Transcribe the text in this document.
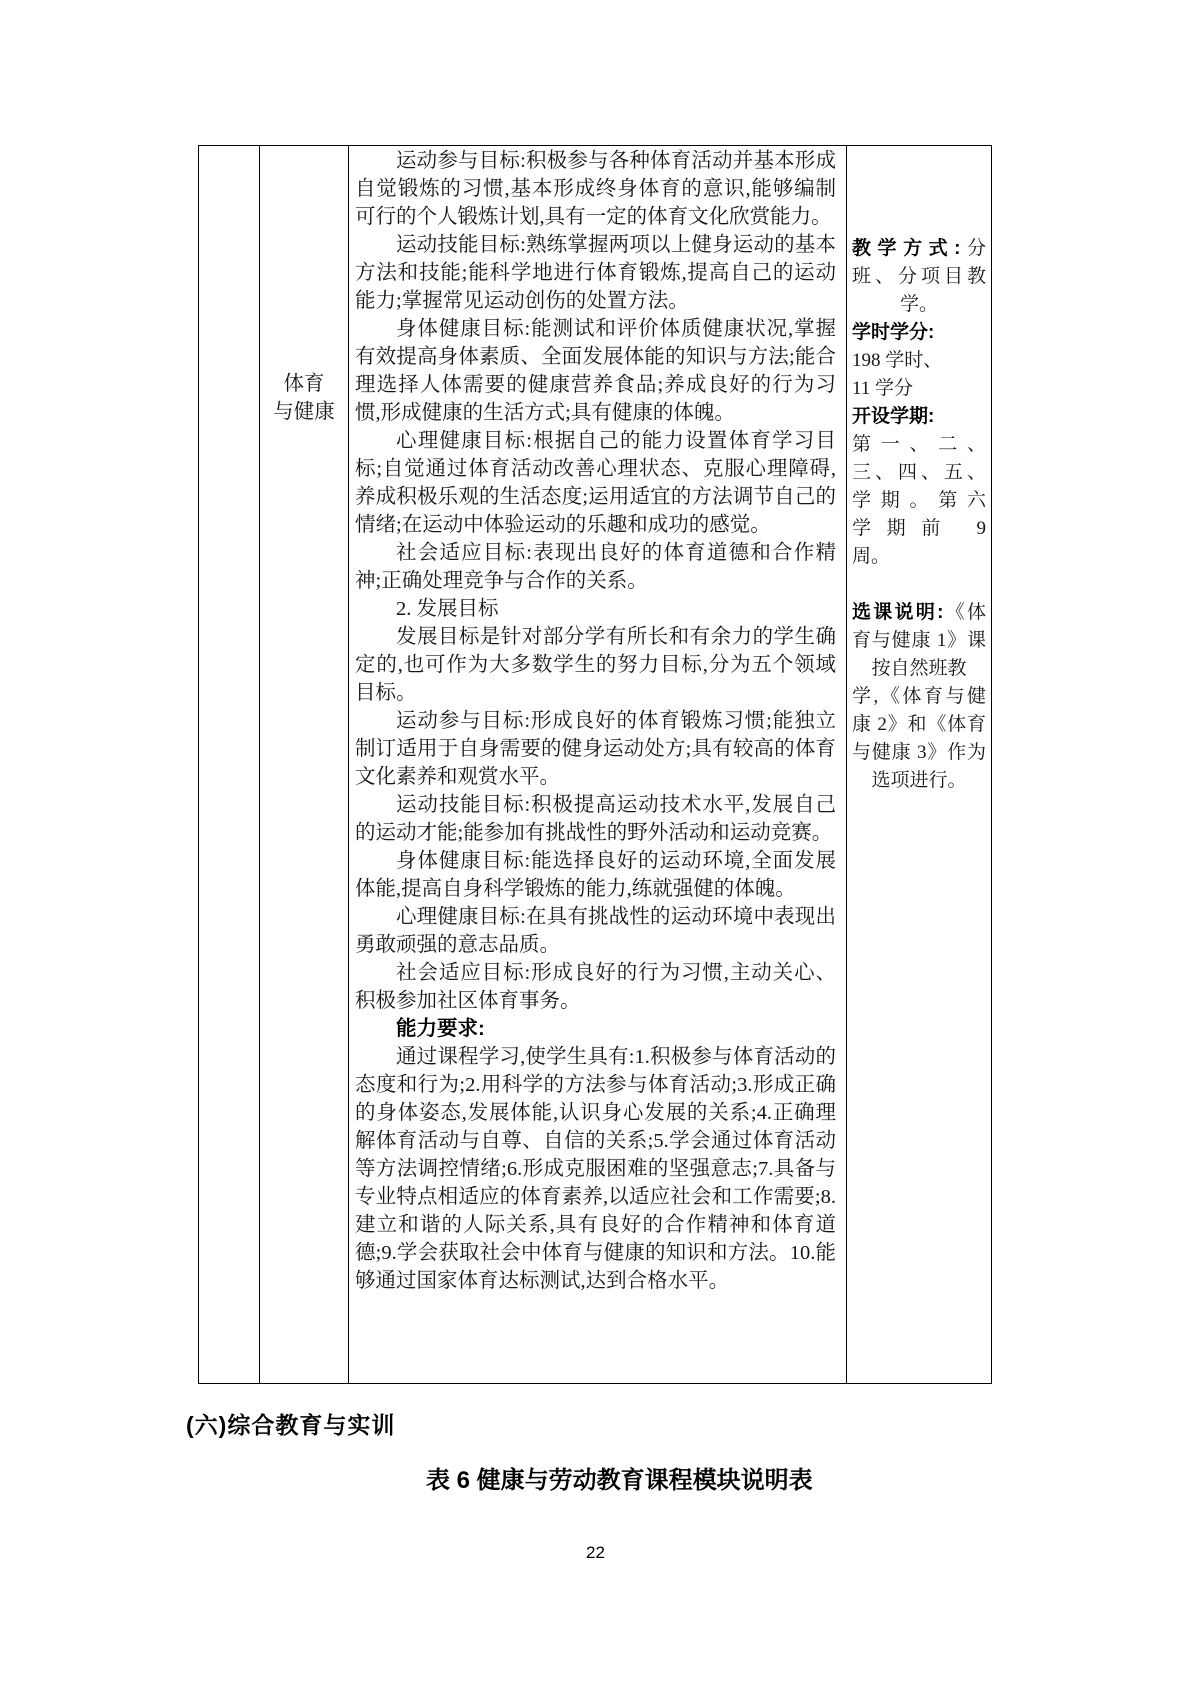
体育
与健康

运动参与目标:积极参与各种体育活动并基本形成自觉锻炼的习惯,基本形成终身体育的意识,能够编制可行的个人锻炼计划,具有一定的体育文化欣赏能力。

运动技能目标:熟练掌握两项以上健身运动的基本方法和技能;能科学地进行体育锻炼,提高自己的运动能力;掌握常见运动创伤的处置方法。

身体健康目标:能测试和评价体质健康状况,掌握有效提高身体素质、全面发展体能的知识与方法;能合理选择人体需要的健康营养食品;养成良好的行为习惯,形成健康的生活方式;具有健康的体魄。

心理健康目标:根据自己的能力设置体育学习目标;自觉通过体育活动改善心理状态、克服心理障碍,养成积极乐观的生活态度;运用适宜的方法调节自己的情绪;在运动中体验运动的乐趣和成功的感觉。

社会适应目标:表现出良好的体育道德和合作精神;正确处理竞争与合作的关系。

2. 发展目标

发展目标是针对部分学有所长和有余力的学生确定的,也可作为大多数学生的努力目标,分为五个领域目标。

运动参与目标:形成良好的体育锻炼习惯;能独立制订适用于自身需要的健身运动处方;具有较高的体育文化素养和观赏水平。

运动技能目标:积极提高运动技术水平,发展自己的运动才能;能参加有挑战性的野外活动和运动竞赛。

身体健康目标:能选择良好的运动环境,全面发展体能,提高自身科学锻炼的能力,练就强健的体魄。

心理健康目标:在具有挑战性的运动环境中表现出勇敢顽强的意志品质。

社会适应目标:形成良好的行为习惯,主动关心、积极参加社区体育事务。

能力要求:

通过课程学习,使学生具有:1.积极参与体育活动的态度和行为;2.用科学的方法参与体育活动;3.形成正确的身体姿态,发展体能,认识身心发展的关系;4.正确理解体育活动与自尊、自信的关系;5.学会通过体育活动等方法调控情绪;6.形成克服困难的坚强意志;7.具备与专业特点相适应的体育素养,以适应社会和工作需要;8.建立和谐的人际关系,具有良好的合作精神和体育道德;9.学会获取社会中体育与健康的知识和方法。10.能够通过国家体育达标测试,达到合格水平。

教学方式:分
班、分项目教
学。
学时学分:
198 学时、
11 学分
开设学期:
第一、二、
三、四、五、
学期。第六
学期前 9
周。
选课说明:《体
育与健康 1》课
按自然班教
学,《体育与健
康 2》和《体育
与健康 3》作为
选项进行。
(六)综合教育与实训
表 6 健康与劳动教育课程模块说明表
22
